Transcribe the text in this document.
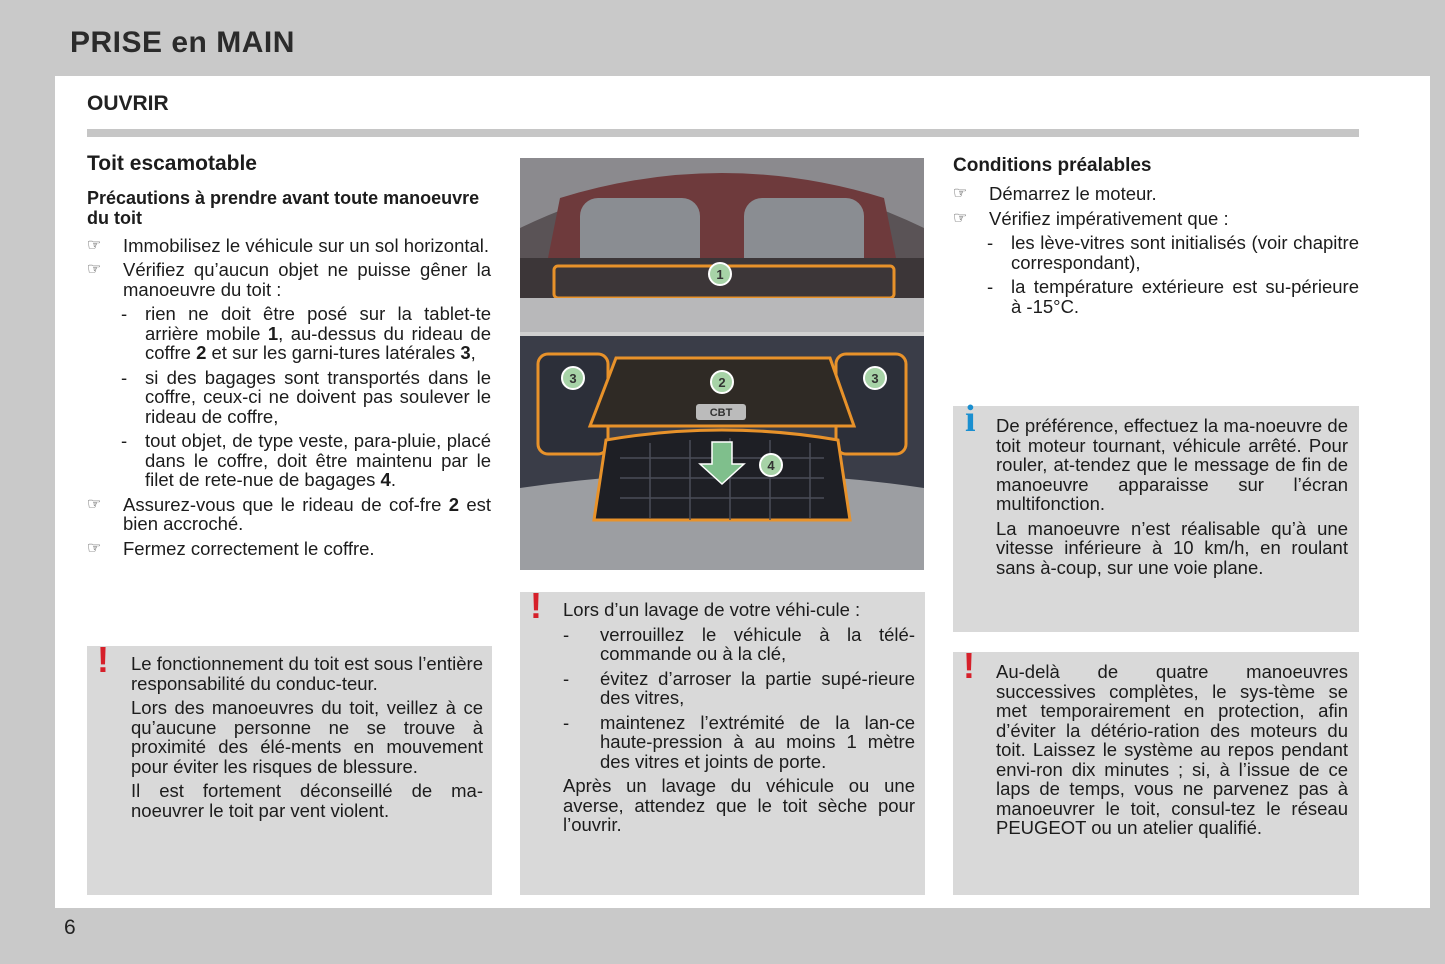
PRISE en MAIN
OUVRIR
Toit escamotable
Précautions à prendre avant toute manoeuvre du toit
☞ Immobilisez le véhicule sur un sol horizontal.
☞ Vérifiez qu’aucun objet ne puisse gêner la manoeuvre du toit :
- rien ne doit être posé sur la tablet-te arrière mobile 1, au-dessus du rideau de coffre 2 et sur les garni-tures latérales 3,
- si des bagages sont transportés dans le coffre, ceux-ci ne doivent pas soulever le rideau de coffre,
- tout objet, de type veste, para-pluie, placé dans le coffre, doit être maintenu par le filet de rete-nue de bagages 4.
☞ Assurez-vous que le rideau de cof-fre 2 est bien accroché.
☞ Fermez correctement le coffre.
! Le fonctionnement du toit est sous l’entière responsabilité du conduc-teur.

Lors des manoeuvres du toit, veillez à ce qu’aucune personne ne se trouve à proximité des élé-ments en mouvement pour éviter les risques de blessure.

Il est fortement déconseillé de ma-noeuvrer le toit par vent violent.

CBT
1
2
3	3
4
! Lors d’un lavage de votre véhi-cule :

- verrouillez le véhicule à la télé-commande ou à la clé,
- évitez d’arroser la partie supé-rieure des vitres,
- maintenez l’extrémité de la lan-ce haute-pression à au moins 1 mètre des vitres et joints de porte.

Après un lavage du véhicule ou une averse, attendez que le toit sèche pour l’ouvrir.

Conditions préalables
☞ Démarrez le moteur.
☞ Vérifiez impérativement que :
- les lève-vitres sont initialisés (voir chapitre correspondant),
- la température extérieure est su-périeure à -15°C.
i De préférence, effectuez la ma-noeuvre de toit moteur tournant, véhicule arrêté. Pour rouler, at-tendez que le message de fin de manoeuvre apparaisse sur l’écran multifonction.

La manoeuvre n’est réalisable qu’à une vitesse inférieure à 10 km/h, en roulant sans à-coup, sur une voie plane.

! Au-delà de quatre manoeuvres successives complètes, le sys-tème se met temporairement en protection, afin d’éviter la détério-ration des moteurs du toit. Laissez le système au repos pendant envi-ron dix minutes ; si, à l’issue de ce laps de temps, vous ne parvenez pas à manoeuvrer le toit, consul-tez le réseau PEUGEOT ou un atelier qualifié.

6
